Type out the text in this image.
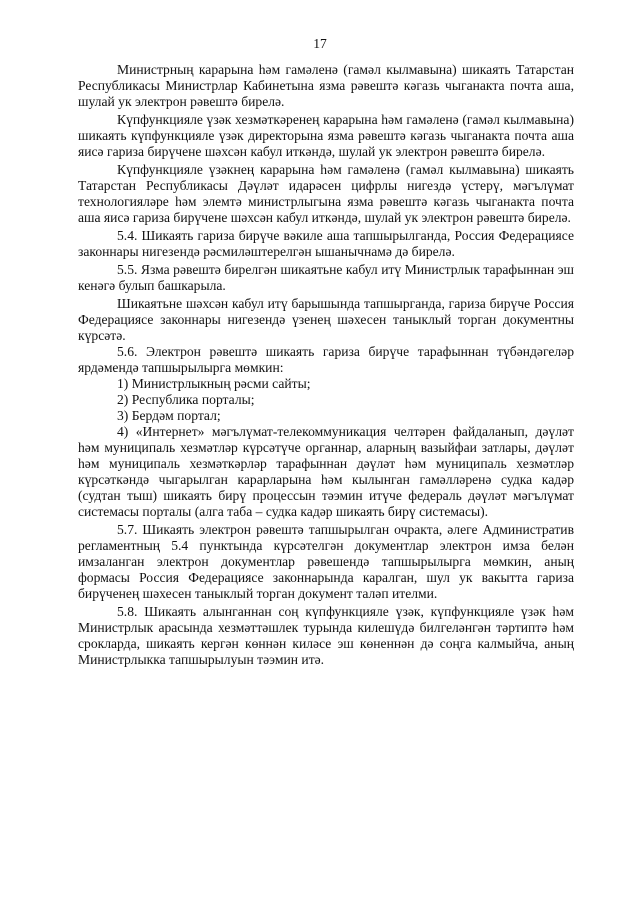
17

Министрның карарына һәм гамәленә (гамәл кылмавына) шикаять Татарстан Республикасы Министрлар Кабинетына язма рәвештә кәгазь чыганакта почта аша, шулай ук электрон рәвештә бирелә.

Күпфункцияле үзәк хезмәткәренең карарына һәм гамәленә (гамәл кылмавына) шикаять күпфункцияле үзәк директорына язма рәвештә кәгазь чыганакта почта аша яисә гариза бирүчене шәхсән кабул иткәндә, шулай ук электрон рәвештә бирелә.

Күпфункцияле үзәкнең карарына һәм гамәленә (гамәл кылмавына) шикаять Татарстан Республикасы Дәүләт идарәсен цифрлы нигездә үстерү, мәгълүмат технологияләре һәм элемтә министрлыгына язма рәвештә кәгазь чыганакта почта аша яисә гариза бирүчене шәхсән кабул иткәндә, шулай ук электрон рәвештә бирелә.

5.4. Шикаять гариза бирүче вәкиле аша тапшырылганда, Россия Федерациясе законнары нигезендә рәсмиләштерелгән ышанычнамә дә бирелә.

5.5. Язма рәвештә бирелгән шикаятьне кабул итү Министрлык тарафыннан эш кенәгә булып башкарыла.

Шикаятьне шәхсән кабул итү барышында тапшырганда, гариза бирүче Россия Федерациясе законнары нигезендә үзенең шәхесен таныклый торган документны күрсәтә.

5.6. Электрон рәвештә шикаять гариза бирүче тарафыннан түбәндәгеләр ярдәмендә тапшырылырга мөмкин:

1) Министрлыкның рәсми сайты;

2) Республика порталы;

3) Бердәм портал;

4) «Интернет» мәгълүмат-телекоммуникация челтәрен файдаланып, дәүләт һәм муниципаль хезмәтләр күрсәтүче органнар, аларның вазыйфаи затлары, дәүләт һәм муниципаль хезмәткәрләр тарафыннан дәүләт һәм муниципаль хезмәтләр күрсәткәндә чыгарылган карарларына һәм кылынган гамәлләренә судка кадәр (судтан тыш) шикаять бирү процессын тәэмин итүче федераль дәүләт мәгълүмат системасы порталы (алга таба – судка кадәр шикаять бирү системасы).

5.7. Шикаять электрон рәвештә тапшырылган очракта, әлеге Административ регламентның 5.4 пунктында күрсәтелгән документлар электрон имза белән имзаланган электрон документлар рәвешендә тапшырылырга мөмкин, аның формасы Россия Федерациясе законнарында каралган, шул ук вакытта гариза бирүченең шәхесен таныклый торган документ таләп ителми.

5.8. Шикаять алынганнан соң күпфункцияле үзәк, күпфункцияле үзәк һәм Министрлык арасында хезмәттәшлек турында килешүдә билгеләнгән тәртиптә һәм срокларда, шикаять кергән көннән киләсе эш көненнән дә соңга калмыйча, аның Министрлыкка тапшырылуын тәэмин итә.
